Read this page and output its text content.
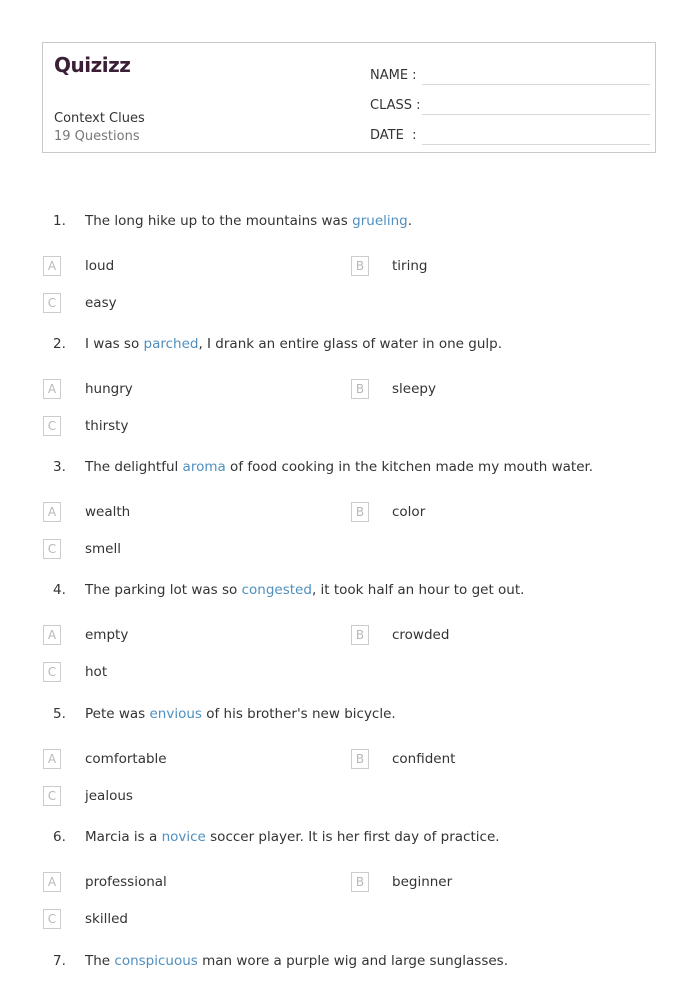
Quizizz
Context Clues
19 Questions
NAME :
CLASS :
DATE  :
1. The long hike up to the mountains was grueling.
A	loud	B	tiring
C	easy
2. I was so parched, I drank an entire glass of water in one gulp.
A	hungry	B	sleepy
C	thirsty
3. The delightful aroma of food cooking in the kitchen made my mouth water.
A	wealth	B	color
C	smell
4. The parking lot was so congested, it took half an hour to get out.
A	empty	B	crowded
C	hot
5. Pete was envious of his brother's new bicycle.
A	comfortable	B	confident
C	jealous
6. Marcia is a novice soccer player. It is her first day of practice.
A	professional	B	beginner
C	skilled
7. The conspicuous man wore a purple wig and large sunglasses.
